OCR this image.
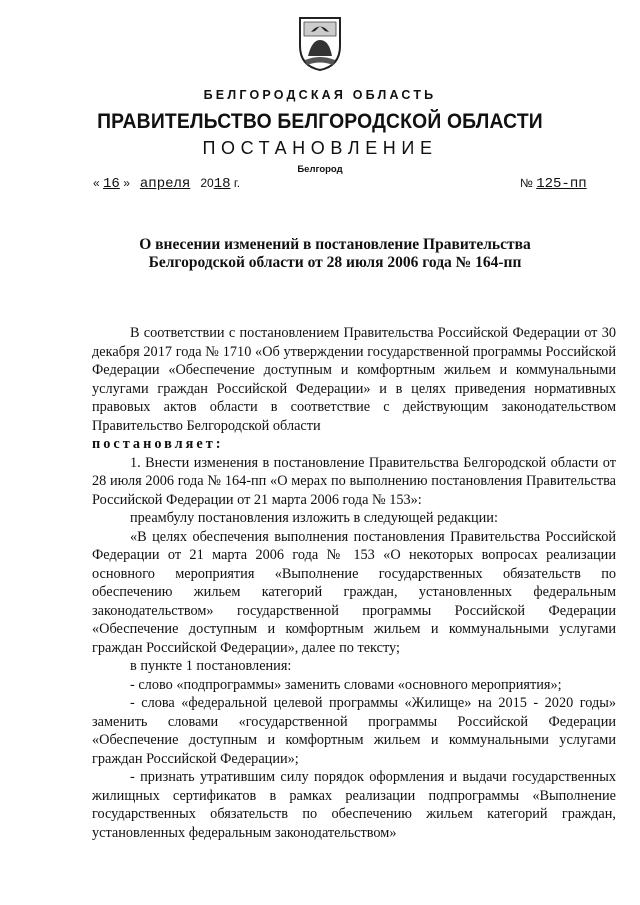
БЕЛГОРОДСКАЯ ОБЛАСТЬ
ПРАВИТЕЛЬСТВО БЕЛГОРОДСКОЙ ОБЛАСТИ
ПОСТАНОВЛЕНИЕ
Белгород
« 16 » апреля 2018 г.	№ 125-пп
О внесении изменений в постановление Правительства
Белгородской области от 28 июля 2006 года № 164-пп

В соответствии с постановлением Правительства Российской Федерации от 30 декабря 2017 года № 1710 «Об утверждении государственной программы Российской Федерации «Обеспечение доступным и комфортным жильем и коммунальными услугами граждан Российской Федерации» и в целях приведения нормативных правовых актов области в соответствие с действующим законодательством Правительство Белгородской области

постановляет:

1. Внести изменения в постановление Правительства Белгородской области от 28 июля 2006 года № 164-пп «О мерах по выполнению постановления Правительства Российской Федерации от 21 марта 2006 года № 153»:

преамбулу постановления изложить в следующей редакции:

«В целях обеспечения выполнения постановления Правительства Российской Федерации от 21 марта 2006 года № 153 «О некоторых вопросах реализации основного мероприятия «Выполнение государственных обязательств по обеспечению жильем категорий граждан, установленных федеральным законодательством» государственной программы Российской Федерации «Обеспечение доступным и комфортным жильем и коммунальными услугами граждан Российской Федерации», далее по тексту;

в пункте 1 постановления:

- слово «подпрограммы» заменить словами «основного мероприятия»;

- слова «федеральной целевой программы «Жилище» на 2015 - 2020 годы» заменить словами «государственной программы Российской Федерации «Обеспечение доступным и комфортным жильем и коммунальными услугами граждан Российской Федерации»;

- признать утратившим силу порядок оформления и выдачи государственных жилищных сертификатов в рамках реализации подпрограммы «Выполнение государственных обязательств по обеспечению жильем категорий граждан, установленных федеральным законодательством»
